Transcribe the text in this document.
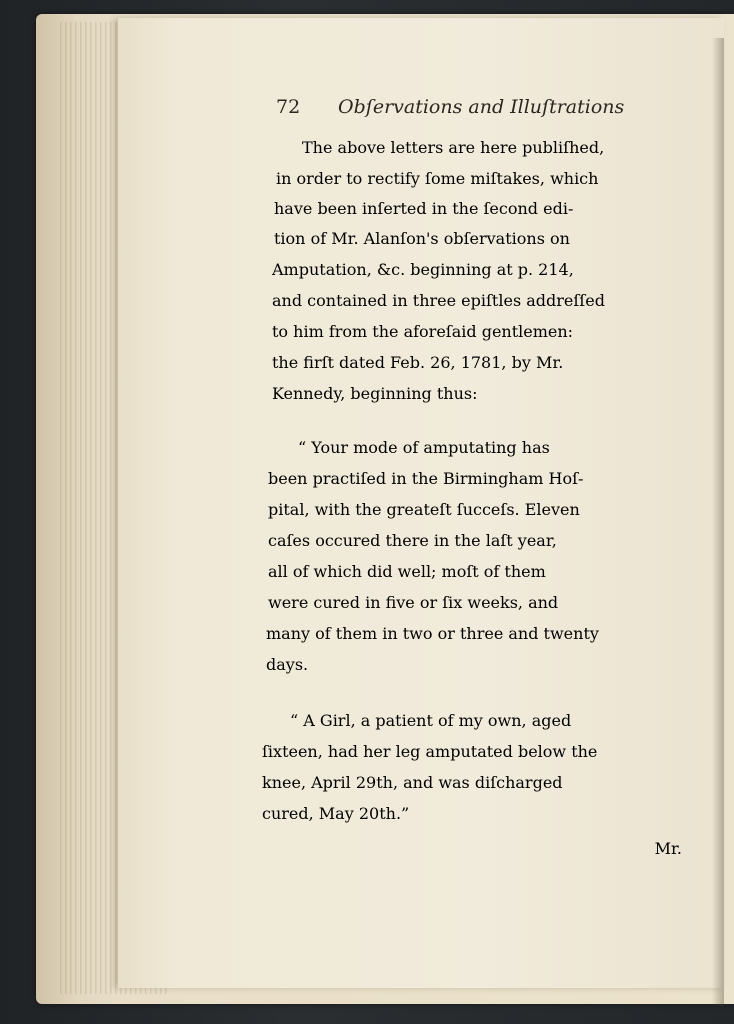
72 Obſervations and Illuſtrations
The above letters are here publiſhed,
in order to rectify ſome miſtakes, which
have been inſerted in the ſecond edi-
tion of Mr. Alanſon's obſervations on
Amputation, &c. beginning at p. 214,
and contained in three epiſtles addreſſed
to him from the aforeſaid gentlemen:
the firſt dated Feb. 26, 1781, by Mr.
Kennedy, beginning thus:
“ Your mode of amputating has
been practiſed in the Birmingham Hoſ-
pital, with the greateſt ſucceſs. Eleven
caſes occured there in the laſt year,
all of which did well; moſt of them
were cured in five or ſix weeks, and
many of them in two or three and twenty
days.
“ A Girl, a patient of my own, aged
ſixteen, had her leg amputated below the
knee, April 29th, and was diſcharged
cured, May 20th.”
Mr.
